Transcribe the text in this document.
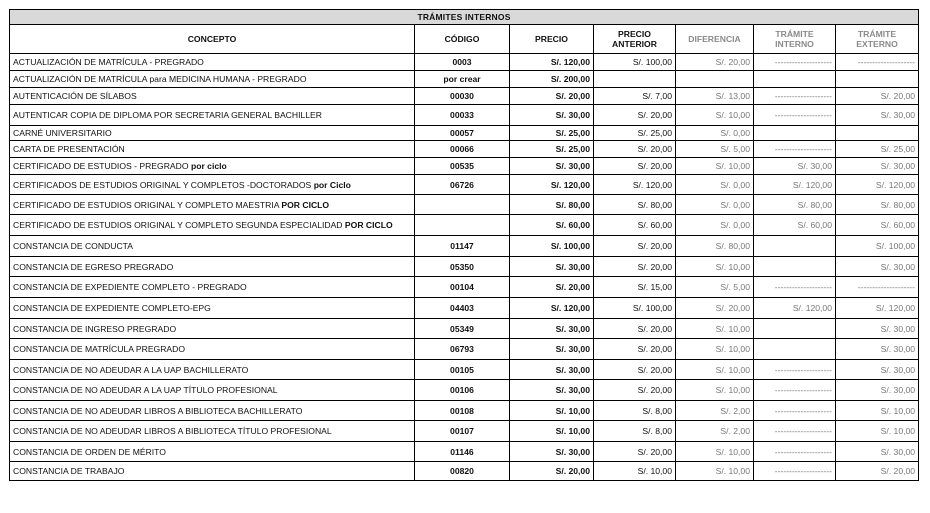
TRÁMITES INTERNOS						
CONCEPTO	CÓDIGO	PRECIO	PRECIO ANTERIOR	DIFERENCIA	TRÁMITE INTERNO	TRÁMITE EXTERNO
ACTUALIZACIÓN DE MATRÍCULA - PREGRADO	0003	S/. 120,00	S/. 100,00	S/. 20,00	--------------------	--------------------
ACTUALIZACIÓN DE MATRÍCULA para MEDICINA HUMANA - PREGRADO	por crear	S/. 200,00				
AUTENTICACIÓN DE SÍLABOS	00030	S/. 20,00	S/. 7,00	S/. 13,00	--------------------	S/. 20,00
AUTENTICAR COPIA DE DIPLOMA POR SECRETARIA GENERAL BACHILLER	00033	S/. 30,00	S/. 20,00	S/. 10,00	--------------------	S/. 30,00
CARNÉ UNIVERSITARIO	00057	S/. 25,00	S/. 25,00	S/. 0,00		
CARTA DE PRESENTACIÓN	00066	S/. 25,00	S/. 20,00	S/. 5,00	--------------------	S/. 25,00
CERTIFICADO DE ESTUDIOS - PREGRADO por ciclo	00535	S/. 30,00	S/. 20,00	S/. 10,00	S/. 30,00	S/. 30,00
CERTIFICADOS DE ESTUDIOS ORIGINAL Y COMPLETOS -DOCTORADOS por Ciclo	06726	S/. 120,00	S/. 120,00	S/. 0,00	S/. 120,00	S/. 120,00
CERTIFICADO DE ESTUDIOS ORIGINAL Y COMPLETO MAESTRIA POR CICLO		S/. 80,00	S/. 80,00	S/. 0,00	S/. 80,00	S/. 80,00
CERTIFICADO DE ESTUDIOS ORIGINAL Y COMPLETO SEGUNDA ESPECIALIDAD POR CICLO		S/. 60,00	S/. 60,00	S/. 0,00	S/. 60,00	S/. 60,00
CONSTANCIA DE CONDUCTA	01147	S/. 100,00	S/. 20,00	S/. 80,00		S/. 100,00
CONSTANCIA DE EGRESO PREGRADO	05350	S/. 30,00	S/. 20,00	S/. 10,00		S/. 30,00
CONSTANCIA DE EXPEDIENTE COMPLETO - PREGRADO	00104	S/. 20,00	S/. 15,00	S/. 5,00	--------------------	--------------------
CONSTANCIA DE EXPEDIENTE COMPLETO-EPG	04403	S/. 120,00	S/. 100,00	S/. 20,00	S/. 120,00	S/. 120,00
CONSTANCIA DE INGRESO PREGRADO	05349	S/. 30,00	S/. 20,00	S/. 10,00		S/. 30,00
CONSTANCIA DE MATRÍCULA PREGRADO	06793	S/. 30,00	S/. 20,00	S/. 10,00		S/. 30,00
CONSTANCIA DE NO ADEUDAR A LA UAP BACHILLERATO	00105	S/. 30,00	S/. 20,00	S/. 10,00	--------------------	S/. 30,00
CONSTANCIA DE NO ADEUDAR A LA UAP TÍTULO PROFESIONAL	00106	S/. 30,00	S/. 20,00	S/. 10,00	--------------------	S/. 30,00
CONSTANCIA DE NO ADEUDAR LIBROS A BIBLIOTECA BACHILLERATO	00108	S/. 10,00	S/. 8,00	S/. 2,00	--------------------	S/. 10,00
CONSTANCIA DE NO ADEUDAR LIBROS A BIBLIOTECA TÍTULO PROFESIONAL	00107	S/. 10,00	S/. 8,00	S/. 2,00	--------------------	S/. 10,00
CONSTANCIA DE ORDEN DE MÉRITO	01146	S/. 30,00	S/. 20,00	S/. 10,00	--------------------	S/. 30,00
CONSTANCIA DE TRABAJO	00820	S/. 20,00	S/. 10,00	S/. 10,00	--------------------	S/. 20,00
